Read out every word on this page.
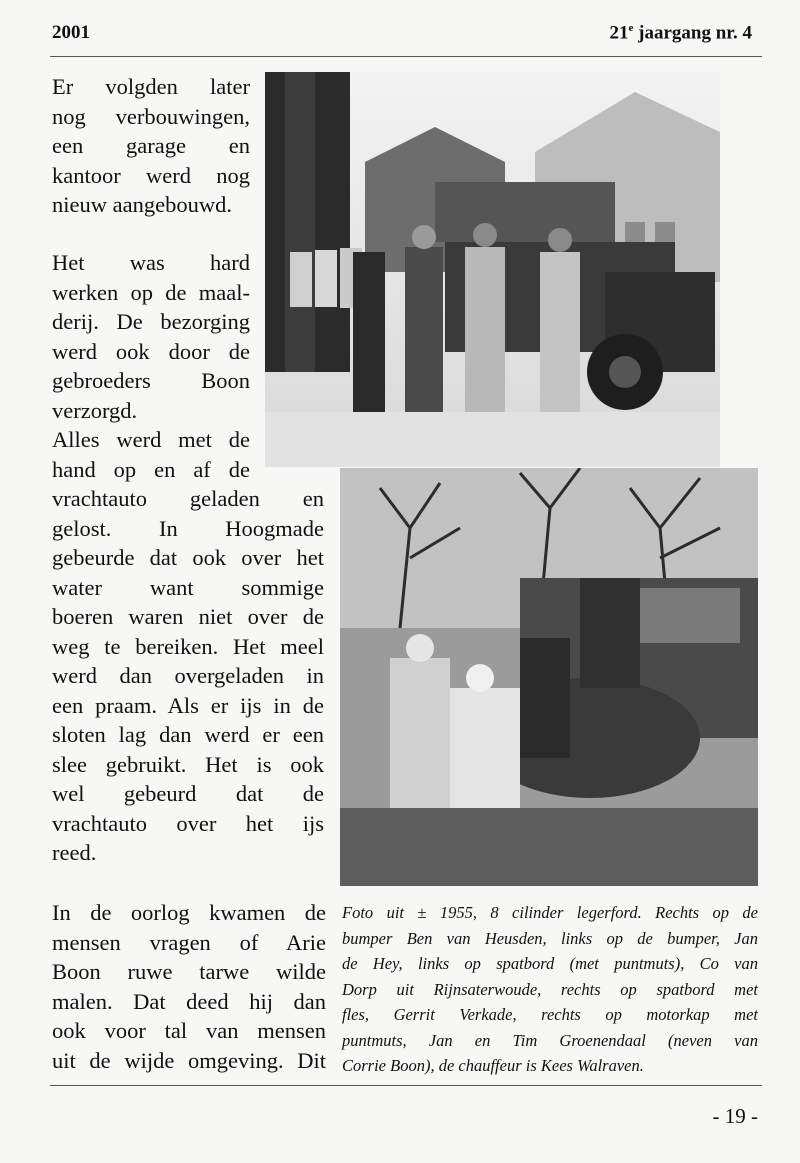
2001	21e jaargang nr. 4
Er volgden later
nog verbouwingen,
een garage en
kantoor werd nog
nieuw aangebouwd.
Het was hard
werken op de maal-
derij. De bezorging
werd ook door de
gebroeders Boon
verzorgd.
Alles werd met de
hand op en af de
vrachtauto geladen en
gelost. In Hoogmade
gebeurde dat ook over het
water want sommige
boeren waren niet over de
weg te bereiken. Het meel
werd dan overgeladen in
een praam. Als er ijs in de
sloten lag dan werd er een
slee gebruikt. Het is ook
wel gebeurd dat de
vrachtauto over het ijs
reed.
In de oorlog kwamen de
mensen vragen of Arie
Boon ruwe tarwe wilde
malen. Dat deed hij dan
ook voor tal van mensen
uit de wijde omgeving. Dit
Foto uit ± 1955, 8 cilinder legerford. Rechts op de
bumper Ben van Heusden, links op de bumper, Jan
de Hey, links op spatbord (met puntmuts), Co van
Dorp uit Rijnsaterwoude, rechts op spatbord met
fles, Gerrit Verkade, rechts op motorkap met
puntmuts, Jan en Tim Groenendaal (neven van
Corrie Boon), de chauffeur is Kees Walraven.
- 19 -
